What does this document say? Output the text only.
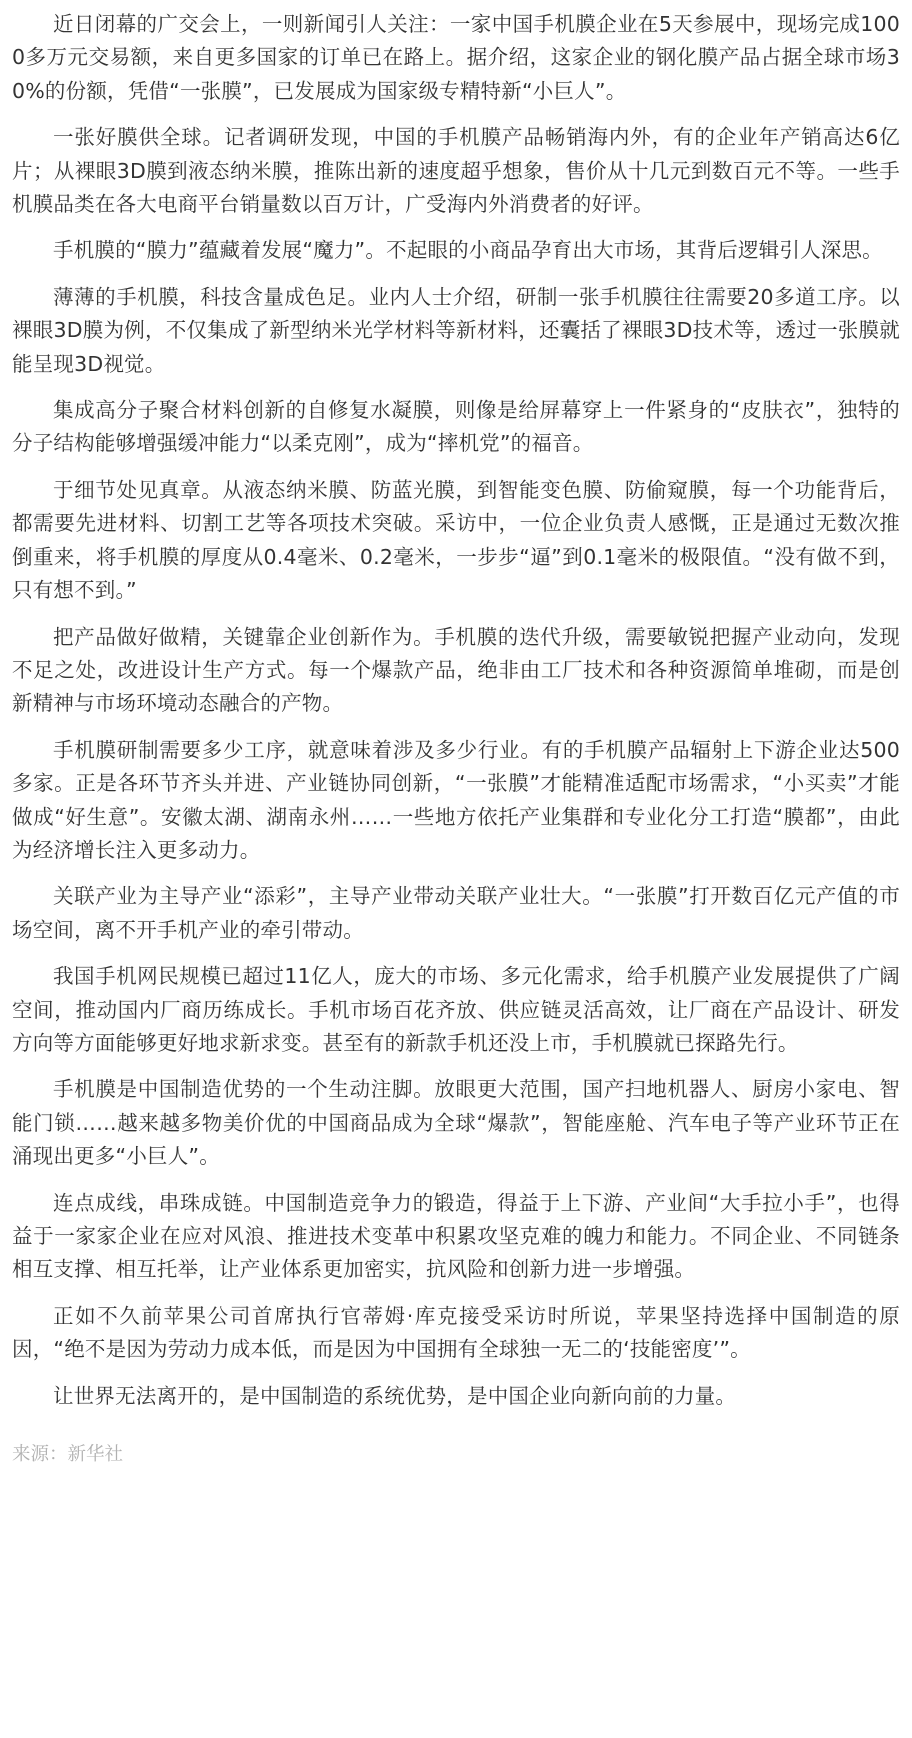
近日闭幕的广交会上，一则新闻引人关注：一家中国手机膜企业在5天参展中，现场完成1000多万元交易额，来自更多国家的订单已在路上。据介绍，这家企业的钢化膜产品占据全球市场30%的份额，凭借“一张膜”，已发展成为国家级专精特新“小巨人”。

一张好膜供全球。记者调研发现，中国的手机膜产品畅销海内外，有的企业年产销高达6亿片；从裸眼3D膜到液态纳米膜，推陈出新的速度超乎想象，售价从十几元到数百元不等。一些手机膜品类在各大电商平台销量数以百万计，广受海内外消费者的好评。

手机膜的“膜力”蕴藏着发展“魔力”。不起眼的小商品孕育出大市场，其背后逻辑引人深思。

薄薄的手机膜，科技含量成色足。业内人士介绍，研制一张手机膜往往需要20多道工序。以裸眼3D膜为例，不仅集成了新型纳米光学材料等新材料，还囊括了裸眼3D技术等，透过一张膜就能呈现3D视觉。

集成高分子聚合材料创新的自修复水凝膜，则像是给屏幕穿上一件紧身的“皮肤衣”，独特的分子结构能够增强缓冲能力“以柔克刚”，成为“摔机党”的福音。

于细节处见真章。从液态纳米膜、防蓝光膜，到智能变色膜、防偷窥膜，每一个功能背后，都需要先进材料、切割工艺等各项技术突破。采访中，一位企业负责人感慨，正是通过无数次推倒重来，将手机膜的厚度从0.4毫米、0.2毫米，一步步“逼”到0.1毫米的极限值。“没有做不到，只有想不到。”

把产品做好做精，关键靠企业创新作为。手机膜的迭代升级，需要敏锐把握产业动向，发现不足之处，改进设计生产方式。每一个爆款产品，绝非由工厂技术和各种资源简单堆砌，而是创新精神与市场环境动态融合的产物。

手机膜研制需要多少工序，就意味着涉及多少行业。有的手机膜产品辐射上下游企业达500多家。正是各环节齐头并进、产业链协同创新，“一张膜”才能精准适配市场需求，“小买卖”才能做成“好生意”。安徽太湖、湖南永州……一些地方依托产业集群和专业化分工打造“膜都”，由此为经济增长注入更多动力。

关联产业为主导产业“添彩”，主导产业带动关联产业壮大。“一张膜”打开数百亿元产值的市场空间，离不开手机产业的牵引带动。

我国手机网民规模已超过11亿人，庞大的市场、多元化需求，给手机膜产业发展提供了广阔空间，推动国内厂商历练成长。手机市场百花齐放、供应链灵活高效，让厂商在产品设计、研发方向等方面能够更好地求新求变。甚至有的新款手机还没上市，手机膜就已探路先行。

手机膜是中国制造优势的一个生动注脚。放眼更大范围，国产扫地机器人、厨房小家电、智能门锁……越来越多物美价优的中国商品成为全球“爆款”，智能座舱、汽车电子等产业环节正在涌现出更多“小巨人”。

连点成线，串珠成链。中国制造竞争力的锻造，得益于上下游、产业间“大手拉小手”，也得益于一家家企业在应对风浪、推进技术变革中积累攻坚克难的魄力和能力。不同企业、不同链条相互支撑、相互托举，让产业体系更加密实，抗风险和创新力进一步增强。

正如不久前苹果公司首席执行官蒂姆·库克接受采访时所说，苹果坚持选择中国制造的原因，“绝不是因为劳动力成本低，而是因为中国拥有全球独一无二的‘技能密度’”。

让世界无法离开的，是中国制造的系统优势，是中国企业向新向前的力量。

来源：新华社
